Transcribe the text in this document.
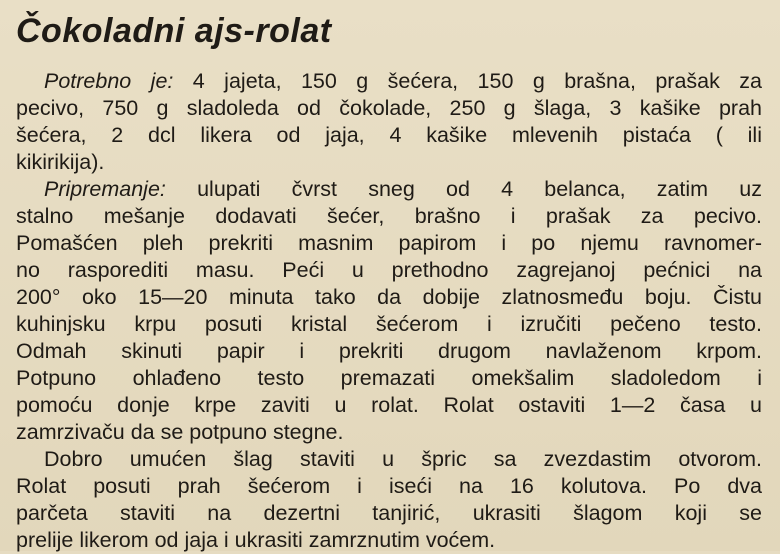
Čokoladni ajs-rolat
Potrebno je: 4 jajeta, 150 g šećera, 150 g brašna, prašak za
pecivo, 750 g sladoleda od čokolade, 250 g šlaga, 3 kašike prah
šećera, 2 dcl likera od jaja, 4 kašike mlevenih pistaća ( ili
kikirikija).
Pripremanje: ulupati čvrst sneg od 4 belanca, zatim uz
stalno mešanje dodavati šećer, brašno i prašak za pecivo.
Pomašćen pleh prekriti masnim papirom i po njemu ravnomer-
no rasporediti masu. Peći u prethodno zagrejanoj pećnici na
200° oko 15—20 minuta tako da dobije zlatnosmeđu boju. Čistu
kuhinjsku krpu posuti kristal šećerom i izručiti pečeno testo.
Odmah skinuti papir i prekriti drugom navlaženom krpom.
Potpuno ohlađeno testo premazati omekšalim sladoledom i
pomoću donje krpe zaviti u rolat. Rolat ostaviti 1—2 časa u
zamrzivaču da se potpuno stegne.
Dobro umućen šlag staviti u špric sa zvezdastim otvorom.
Rolat posuti prah šećerom i iseći na 16 kolutova. Po dva
parčeta staviti na dezertni tanjirić, ukrasiti šlagom koji se
prelije likerom od jaja i ukrasiti zamrznutim voćem.
